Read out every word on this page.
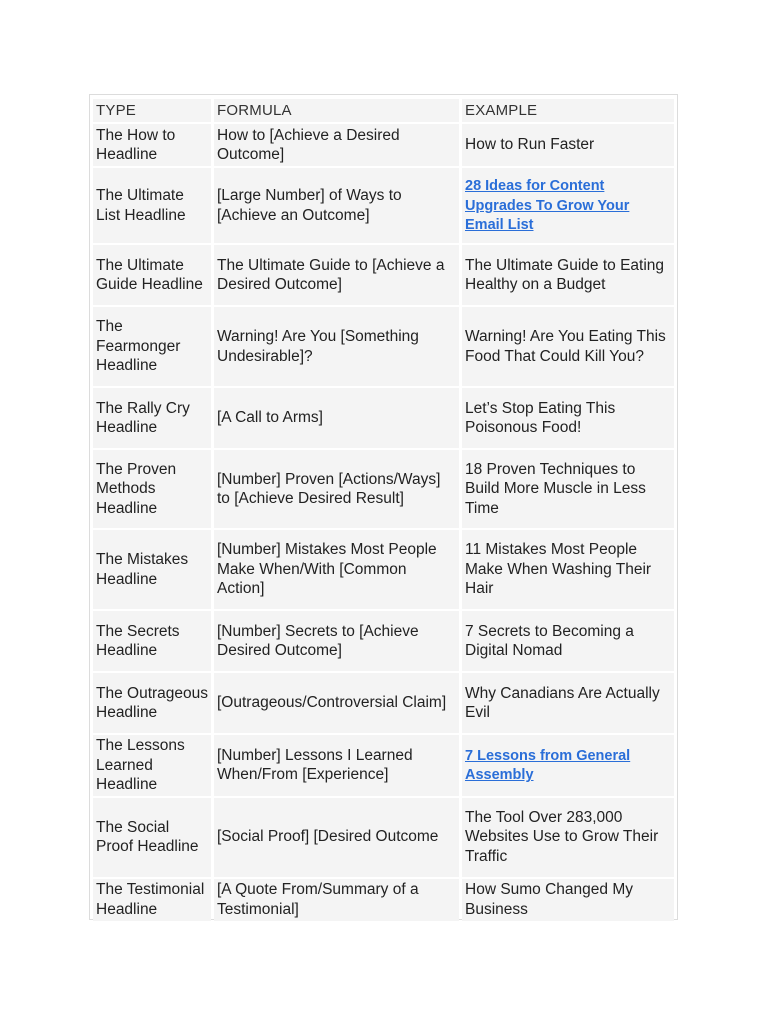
TYPE	FORMULA	EXAMPLE
The How to Headline	How to [Achieve a Desired Outcome]	How to Run Faster
The Ultimate List Headline	[Large Number] of Ways to [Achieve an Outcome]	28 Ideas for Content Upgrades To Grow Your Email List
The Ultimate Guide Headline	The Ultimate Guide to [Achieve a Desired Outcome]	The Ultimate Guide to Eating Healthy on a Budget
The Fearmonger Headline	Warning! Are You [Something Undesirable]?	Warning! Are You Eating This Food That Could Kill You?
The Rally Cry Headline	[A Call to Arms]	Let’s Stop Eating This Poisonous Food!
The Proven Methods Headline	[Number] Proven [Actions/Ways] to [Achieve Desired Result]	18 Proven Techniques to Build More Muscle in Less Time
The Mistakes Headline	[Number] Mistakes Most People Make When/With [Common Action]	11 Mistakes Most People Make When Washing Their Hair
The Secrets Headline	[Number] Secrets to [Achieve Desired Outcome]	7 Secrets to Becoming a Digital Nomad
The Outrageous Headline	[Outrageous/Controversial Claim]	Why Canadians Are Actually Evil
The Lessons Learned Headline	[Number] Lessons I Learned When/From [Experience]	7 Lessons from General Assembly
The Social Proof Headline	[Social Proof] [Desired Outcome	The Tool Over 283,000 Websites Use to Grow Their Traffic
The Testimonial Headline	[A Quote From/Summary of a Testimonial]	How Sumo Changed My Business
